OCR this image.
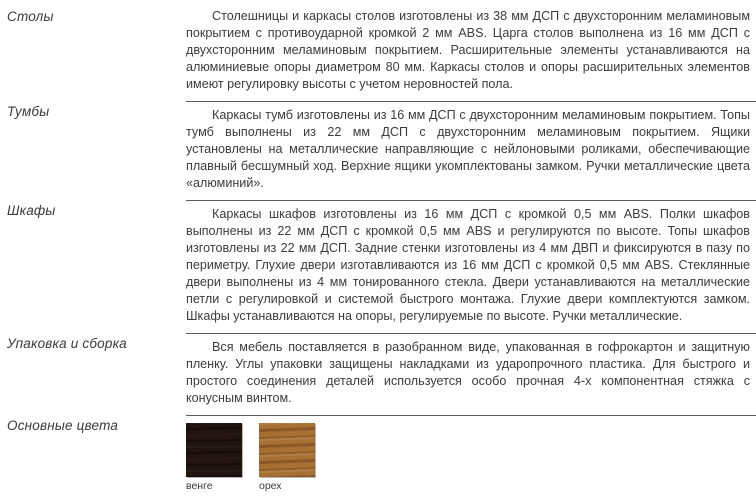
Столы	Столешницы и каркасы столов изготовлены из 38 мм ДСП с двухсторонним меламиновым покрытием с противоударной кромкой 2 мм ABS. Царга столов выполнена из 16 мм ДСП с двухсторонним меламиновым покрытием. Расширительные элементы устанавливаются на алюминиевые опоры диаметром 80 мм. Каркасы столов и опоры расширительных элементов имеют регулировку высоты с учетом неровностей пола.

Тумбы	Каркасы тумб изготовлены из 16 мм ДСП с двухсторонним меламиновым покрытием. Топы тумб выполнены из 22 мм ДСП с двухсторонним меламиновым покрытием. Ящики установлены на металлические направляющие с нейлоновыми роликами, обеспечивающие плавный бесшумный ход. Верхние ящики укомплектованы замком. Ручки металлические цвета «алюминий».

Шкафы	Каркасы шкафов изготовлены из 16 мм ДСП с кромкой 0,5 мм ABS. Полки шкафов выполнены из 22 мм ДСП с кромкой 0,5 мм ABS и регулируются по высоте. Топы шкафов изготовлены из 22 мм ДСП. Задние стенки изготовлены из 4 мм ДВП и фиксируются в пазу по периметру. Глухие двери изготавливаются из 16 мм ДСП с кромкой 0,5 мм ABS. Стеклянные двери выполнены из 4 мм тонированного стекла. Двери устанавливаются на металлические петли с регулировкой и системой быстрого монтажа. Глухие двери комплектуются замком. Шкафы устанавливаются на опоры, регулируемые по высоте. Ручки металлические.

Упаковка и сборка	Вся мебель поставляется в разобранном виде, упакованная в гофрокартон и защитную пленку. Углы упаковки защищены накладками из ударопрочного пластика. Для быстрого и простого соединения деталей используется особо прочная 4-х компонентная стяжка с конусным винтом.

Основные цвета
венге	орех
